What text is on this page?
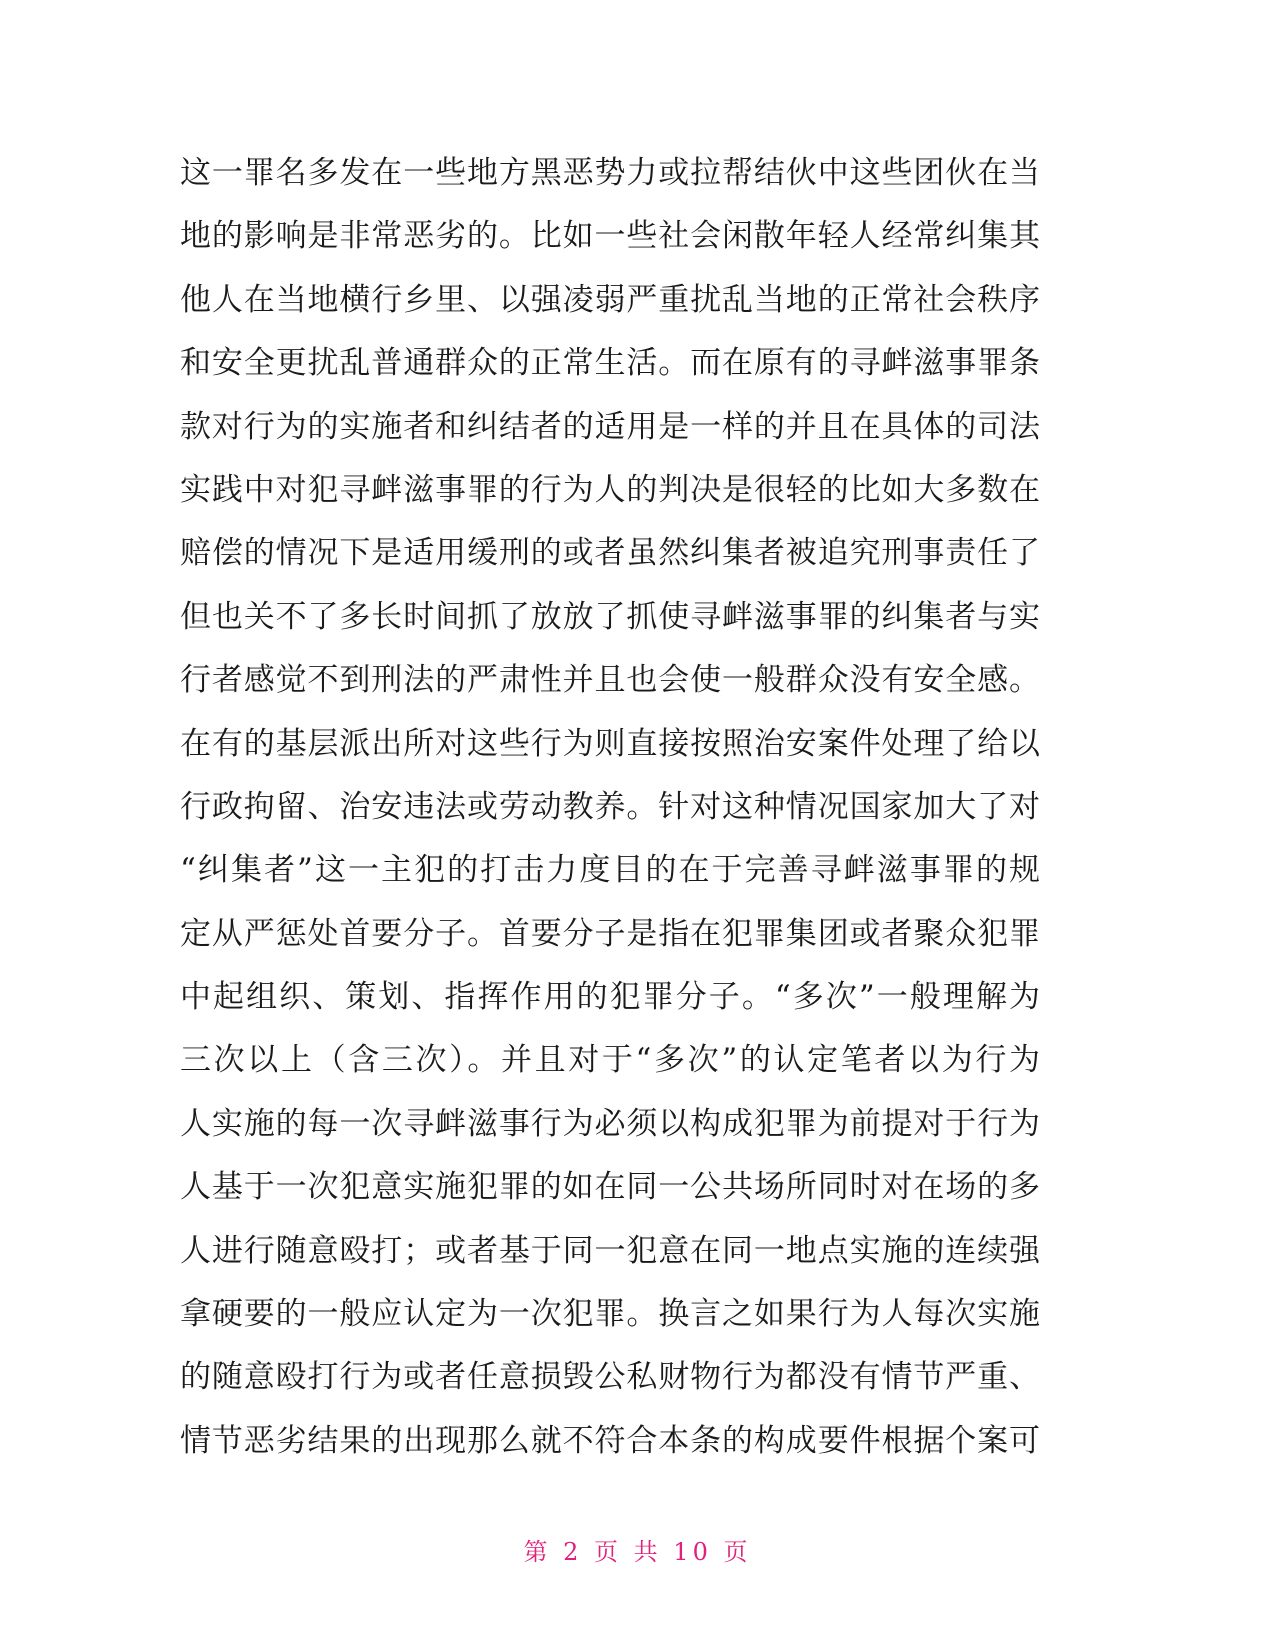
这一罪名多发在一些地方黑恶势力或拉帮结伙中这些团伙在当
地的影响是非常恶劣的。比如一些社会闲散年轻人经常纠集其
他人在当地横行乡里、以强凌弱严重扰乱当地的正常社会秩序
和安全更扰乱普通群众的正常生活。而在原有的寻衅滋事罪条
款对行为的实施者和纠结者的适用是一样的并且在具体的司法
实践中对犯寻衅滋事罪的行为人的判决是很轻的比如大多数在
赔偿的情况下是适用缓刑的或者虽然纠集者被追究刑事责任了
但也关不了多长时间抓了放放了抓使寻衅滋事罪的纠集者与实
行者感觉不到刑法的严肃性并且也会使一般群众没有安全感。
在有的基层派出所对这些行为则直接按照治安案件处理了给以
行政拘留、治安违法或劳动教养。针对这种情况国家加大了对
“纠集者”这一主犯的打击力度目的在于完善寻衅滋事罪的规
定从严惩处首要分子。首要分子是指在犯罪集团或者聚众犯罪
中起组织、策划、指挥作用的犯罪分子。“多次”一般理解为
三次以上（含三次）。并且对于“多次”的认定笔者以为行为
人实施的每一次寻衅滋事行为必须以构成犯罪为前提对于行为
人基于一次犯意实施犯罪的如在同一公共场所同时对在场的多
人进行随意殴打；或者基于同一犯意在同一地点实施的连续强
拿硬要的一般应认定为一次犯罪。换言之如果行为人每次实施
的随意殴打行为或者任意损毁公私财物行为都没有情节严重、
情节恶劣结果的出现那么就不符合本条的构成要件根据个案可
第 2 页 共 10 页
